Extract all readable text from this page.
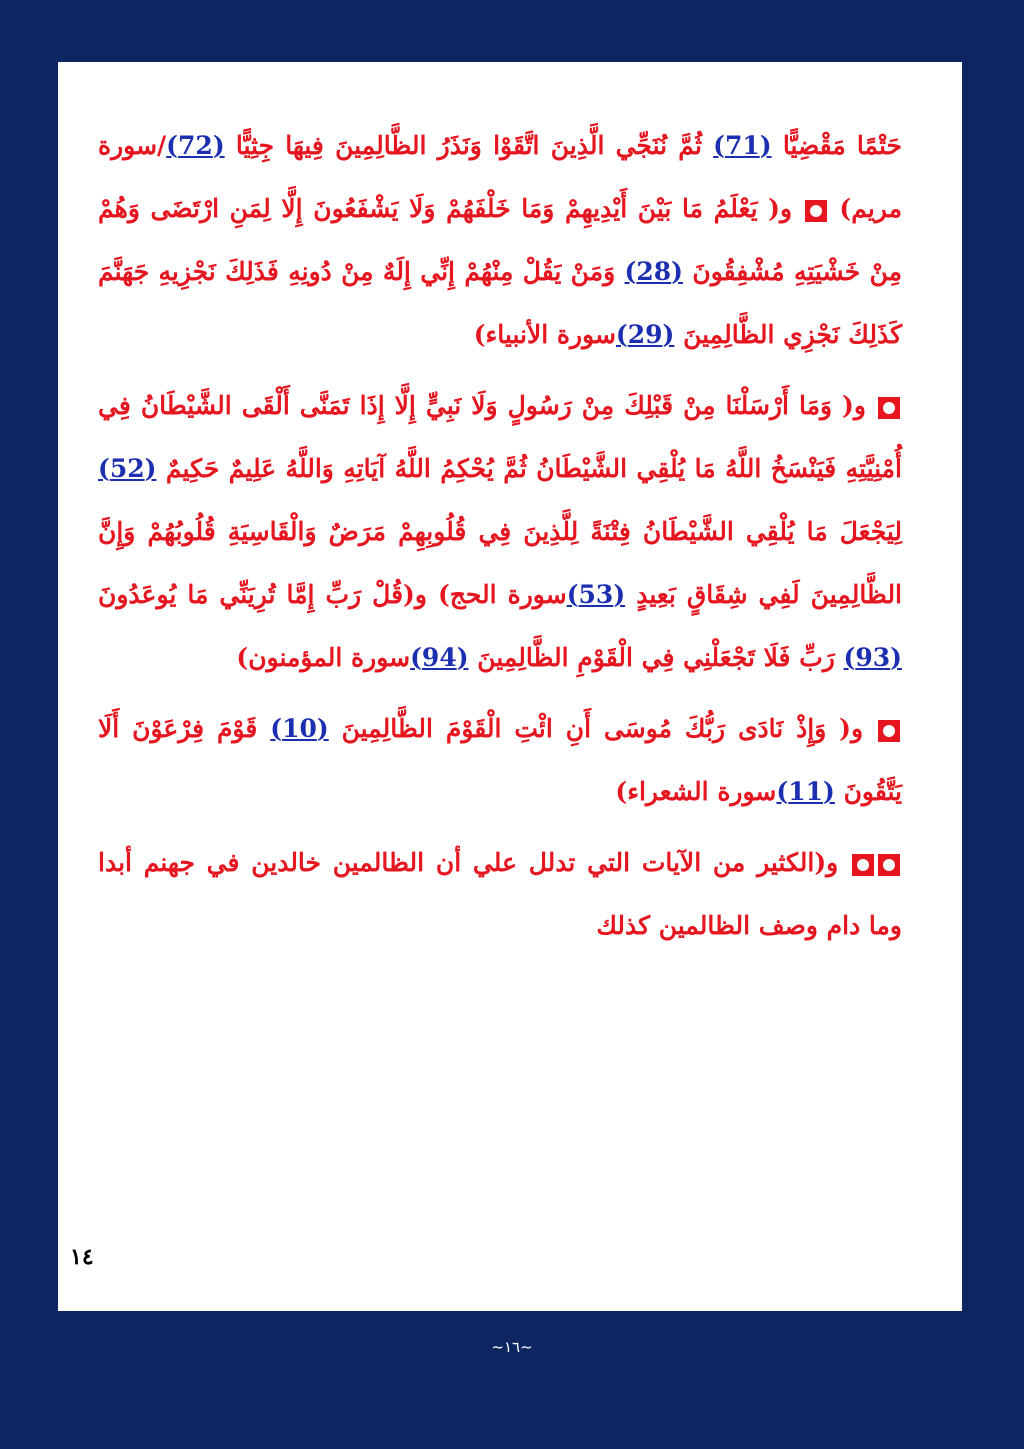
حَتْمًا مَقْضِيًّا (71) ثُمَّ نُنَجِّي الَّذِينَ اتَّقَوْا وَنَذَرُ الظَّالِمِينَ فِيهَا جِثِيًّا (72)/سورة مريم)  و( يَعْلَمُ مَا بَيْنَ أَيْدِيهِمْ وَمَا خَلْفَهُمْ وَلَا يَشْفَعُونَ إِلَّا لِمَنِ ارْتَضَى وَهُمْ مِنْ خَشْيَتِهِ مُشْفِقُونَ (28) وَمَنْ يَقُلْ مِنْهُمْ إِنِّي إِلَهٌ مِنْ دُونِهِ فَذَلِكَ نَجْزِيهِ جَهَنَّمَ كَذَلِكَ نَجْزِي الظَّالِمِينَ (29)سورة الأنبياء)

و( وَمَا أَرْسَلْنَا مِنْ قَبْلِكَ مِنْ رَسُولٍ وَلَا نَبِيٍّ إِلَّا إِذَا تَمَنَّى أَلْقَى الشَّيْطَانُ فِي أُمْنِيَّتِهِ فَيَنْسَخُ اللَّهُ مَا يُلْقِي الشَّيْطَانُ ثُمَّ يُحْكِمُ اللَّهُ آيَاتِهِ وَاللَّهُ عَلِيمٌ حَكِيمٌ (52) لِيَجْعَلَ مَا يُلْقِي الشَّيْطَانُ فِتْنَةً لِلَّذِينَ فِي قُلُوبِهِمْ مَرَضٌ وَالْقَاسِيَةِ قُلُوبُهُمْ وَإِنَّ الظَّالِمِينَ لَفِي شِقَاقٍ بَعِيدٍ (53)سورة الحج) و(قُلْ رَبِّ إِمَّا تُرِيَنِّي مَا يُوعَدُونَ (93) رَبِّ فَلَا تَجْعَلْنِي فِي الْقَوْمِ الظَّالِمِينَ (94)سورة المؤمنون)

و( وَإِذْ نَادَى رَبُّكَ مُوسَى أَنِ ائْتِ الْقَوْمَ الظَّالِمِينَ (10) قَوْمَ فِرْعَوْنَ أَلَا يَتَّقُونَ (11)سورة الشعراء)

و(الكثير من الآيات التي تدلل علي أن الظالمين خالدين في جهنم أبدا وما دام وصف الظالمين كذلك

١٤
~١٦~
